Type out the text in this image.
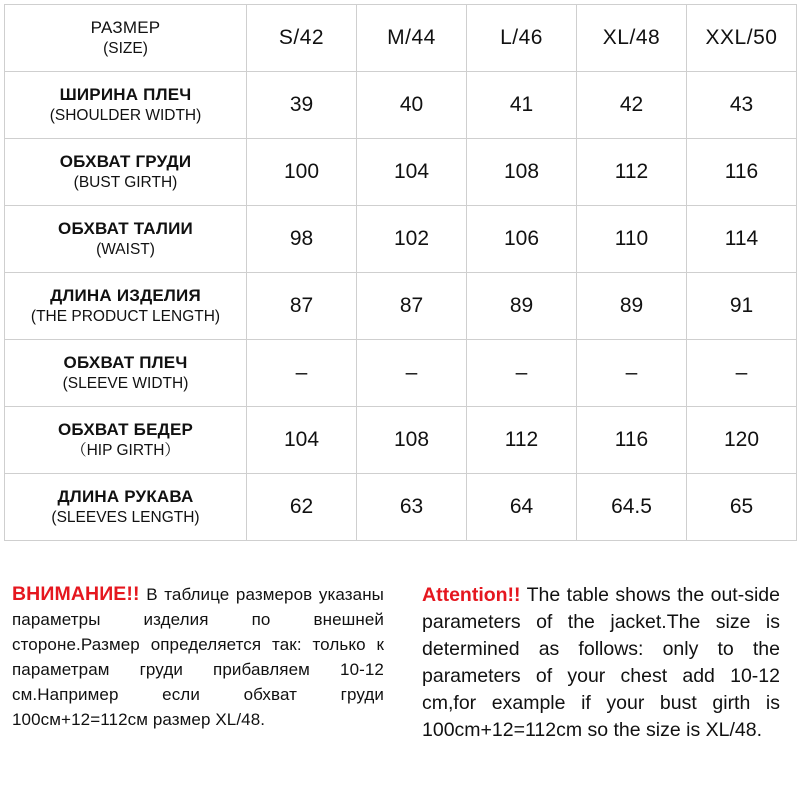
РАЗМЕР
(SIZE)	S/42	M/44	L/46	XL/48	XXL/50

ШИРИНА ПЛЕЧ
(SHOULDER WIDTH)	39	40	41	42	43

ОБХВАТ ГРУДИ
(BUST GIRTH)	100	104	108	112	116

ОБХВАТ ТАЛИИ
(WAIST)	98	102	106	110	114

ДЛИНА ИЗДЕЛИЯ
(THE PRODUCT LENGTH)	87	87	89	89	91

ОБХВАТ ПЛЕЧ
(SLEEVE WIDTH)	–	–	–	–	–

ОБХВАТ БЕДЕР
（HIP GIRTH）	104	108	112	116	120

ДЛИНА РУКАВА
(SLEEVES LENGTH)	62	63	64	64.5	65
ВНИМАНИЕ!! В таблице размеров указаны параметры изделия по внешней стороне.Размер определяется так: только к параметрам груди прибавляем 10-12 см.Например если обхват груди 100см+12=112см размер XL/48.
Attention!! The table shows the out-side parameters of the jacket.The size is determined as follows: only to the parameters of your chest add 10-12 cm,for example if your bust girth is 100cm+12=112cm so the size is XL/48.
